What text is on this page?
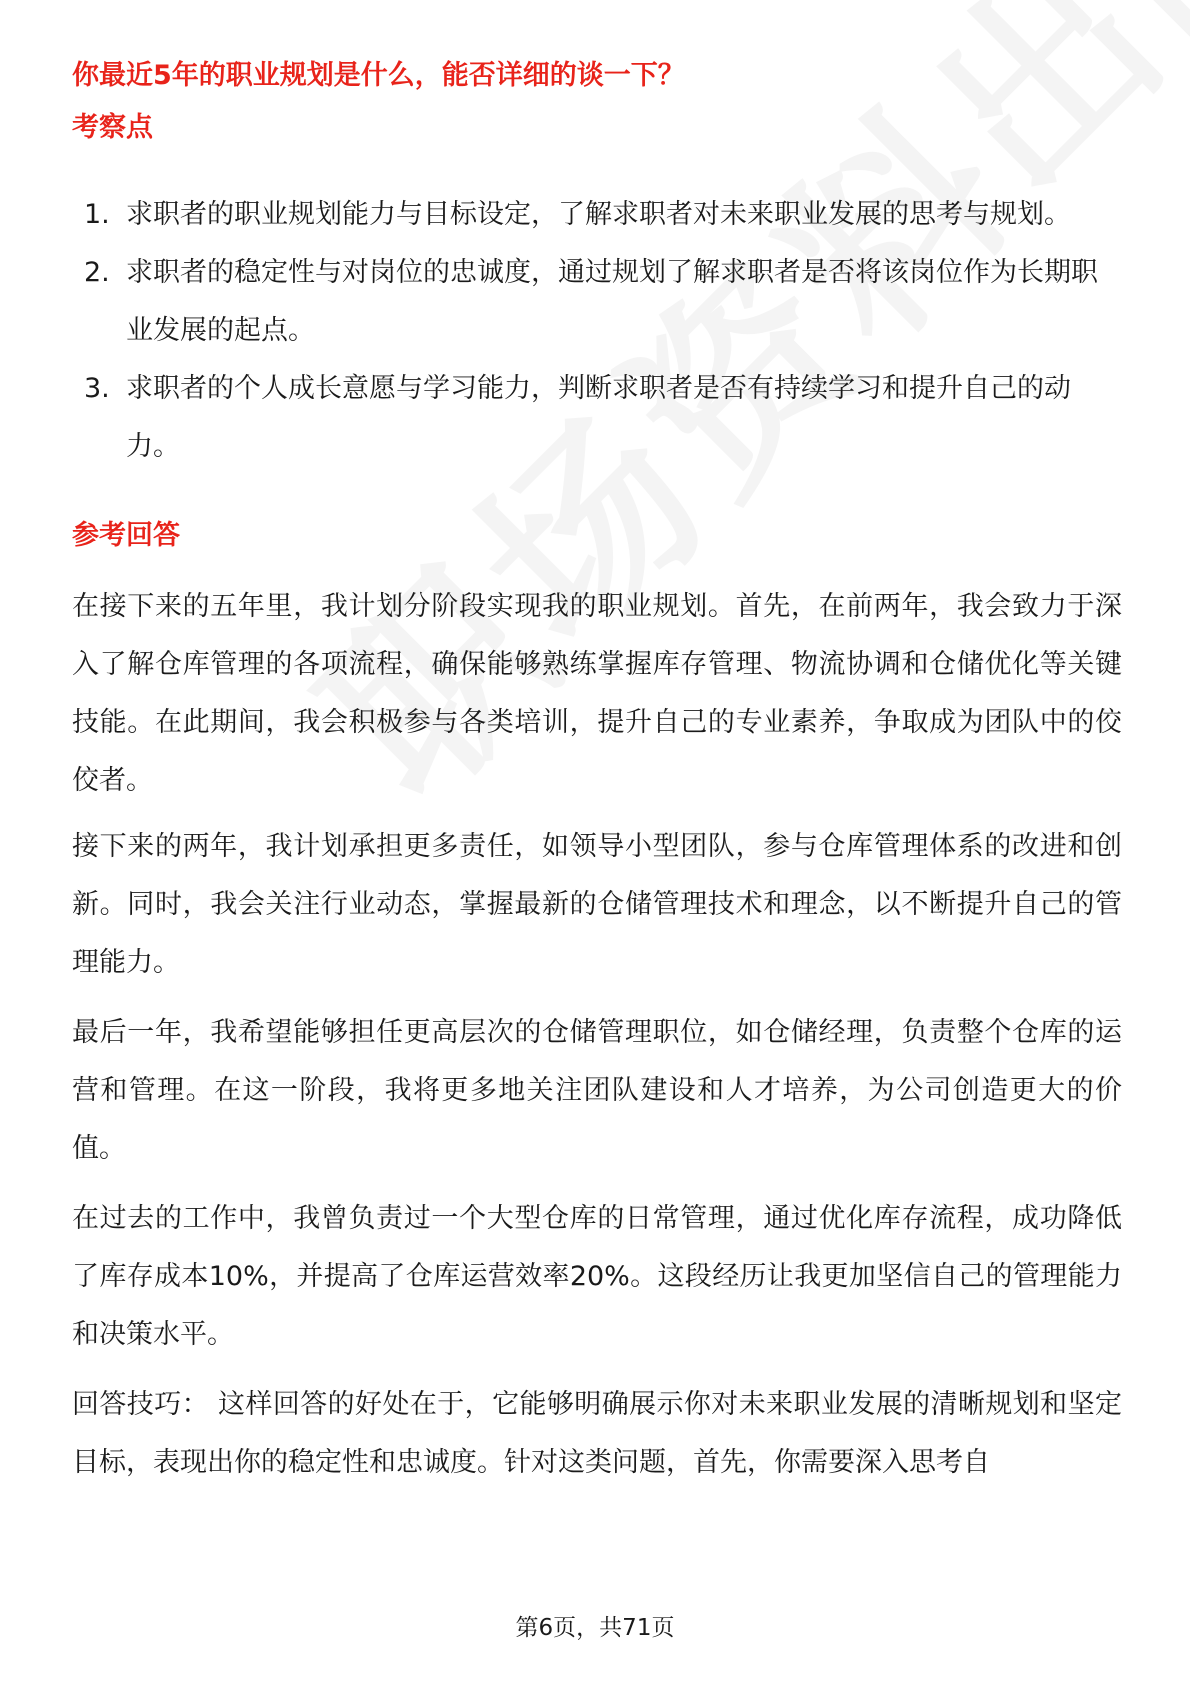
你最近5年的职业规划是什么，能否详细的谈一下？
考察点
1. 求职者的职业规划能力与目标设定，了解求职者对未来职业发展的思考与规划。
2. 求职者的稳定性与对岗位的忠诚度，通过规划了解求职者是否将该岗位作为长期职业发展的起点。
3. 求职者的个人成长意愿与学习能力，判断求职者是否有持续学习和提升自己的动力。
参考回答

在接下来的五年里，我计划分阶段实现我的职业规划。首先，在前两年，我会致力于深入了解仓库管理的各项流程，确保能够熟练掌握库存管理、物流协调和仓储优化等关键技能。在此期间，我会积极参与各类培训，提升自己的专业素养，争取成为团队中的佼佼者。

接下来的两年，我计划承担更多责任，如领导小型团队，参与仓库管理体系的改进和创新。同时，我会关注行业动态，掌握最新的仓储管理技术和理念，以不断提升自己的管理能力。

最后一年，我希望能够担任更高层次的仓储管理职位，如仓储经理，负责整个仓库的运营和管理。在这一阶段，我将更多地关注团队建设和人才培养，为公司创造更大的价值。

在过去的工作中，我曾负责过一个大型仓库的日常管理，通过优化库存流程，成功降低了库存成本10%，并提高了仓库运营效率20%。这段经历让我更加坚信自己的管理能力和决策水平。

回答技巧： 这样回答的好处在于，它能够明确展示你对未来职业发展的清晰规划和坚定目标，表现出你的稳定性和忠诚度。针对这类问题，首先，你需要深入思考自

第6页，共71页
